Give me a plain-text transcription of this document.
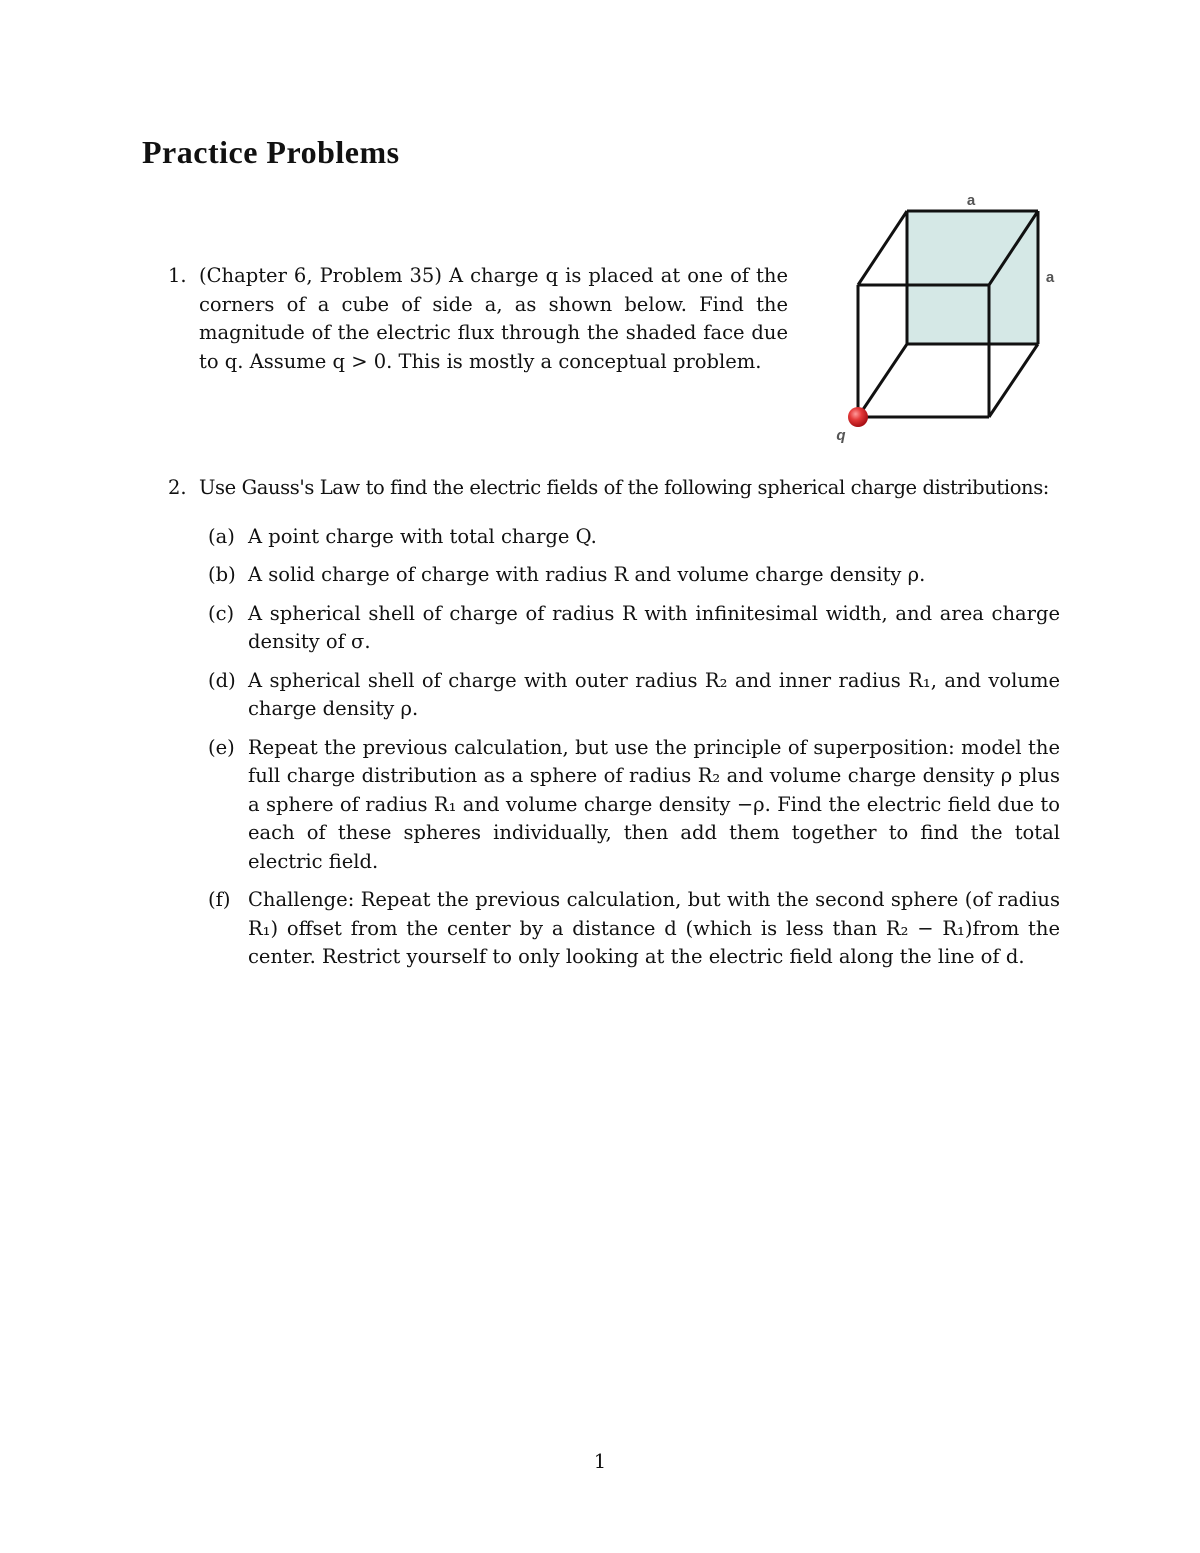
Practice Problems
1. (Chapter 6, Problem 35) A charge q is placed at one of the corners of a cube of side a, as shown below. Find the magnitude of the electric flux through the shaded face due to q. Assume q > 0. This is mostly a conceptual problem.
a
a
q
2. Use Gauss's Law to find the electric fields of the following spherical charge distributions:
(a) A point charge with total charge Q.
(b) A solid charge of charge with radius R and volume charge density ρ.
(c) A spherical shell of charge of radius R with infinitesimal width, and area charge density of σ.
(d) A spherical shell of charge with outer radius R₂ and inner radius R₁, and volume charge density ρ.
(e) Repeat the previous calculation, but use the principle of superposition: model the full charge distribution as a sphere of radius R₂ and volume charge density ρ plus a sphere of radius R₁ and volume charge density −ρ. Find the electric field due to each of these spheres individually, then add them together to find the total electric field.
(f) Challenge: Repeat the previous calculation, but with the second sphere (of radius R₁) offset from the center by a distance d (which is less than R₂ − R₁)from the center. Restrict yourself to only looking at the electric field along the line of d.
1
